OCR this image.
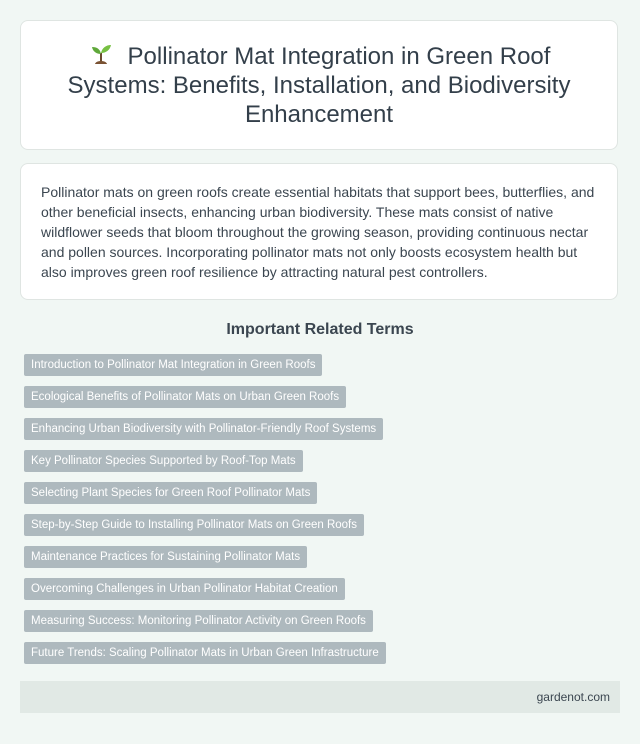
Pollinator Mat Integration in Green Roof Systems: Benefits, Installation, and Biodiversity Enhancement

Pollinator mats on green roofs create essential habitats that support bees, butterflies, and other beneficial insects, enhancing urban biodiversity. These mats consist of native wildflower seeds that bloom throughout the growing season, providing continuous nectar and pollen sources. Incorporating pollinator mats not only boosts ecosystem health but also improves green roof resilience by attracting natural pest controllers.

Important Related Terms
Introduction to Pollinator Mat Integration in Green Roofs
Ecological Benefits of Pollinator Mats on Urban Green Roofs
Enhancing Urban Biodiversity with Pollinator-Friendly Roof Systems
Key Pollinator Species Supported by Roof-Top Mats
Selecting Plant Species for Green Roof Pollinator Mats
Step-by-Step Guide to Installing Pollinator Mats on Green Roofs
Maintenance Practices for Sustaining Pollinator Mats
Overcoming Challenges in Urban Pollinator Habitat Creation
Measuring Success: Monitoring Pollinator Activity on Green Roofs
Future Trends: Scaling Pollinator Mats in Urban Green Infrastructure
gardenot.com
